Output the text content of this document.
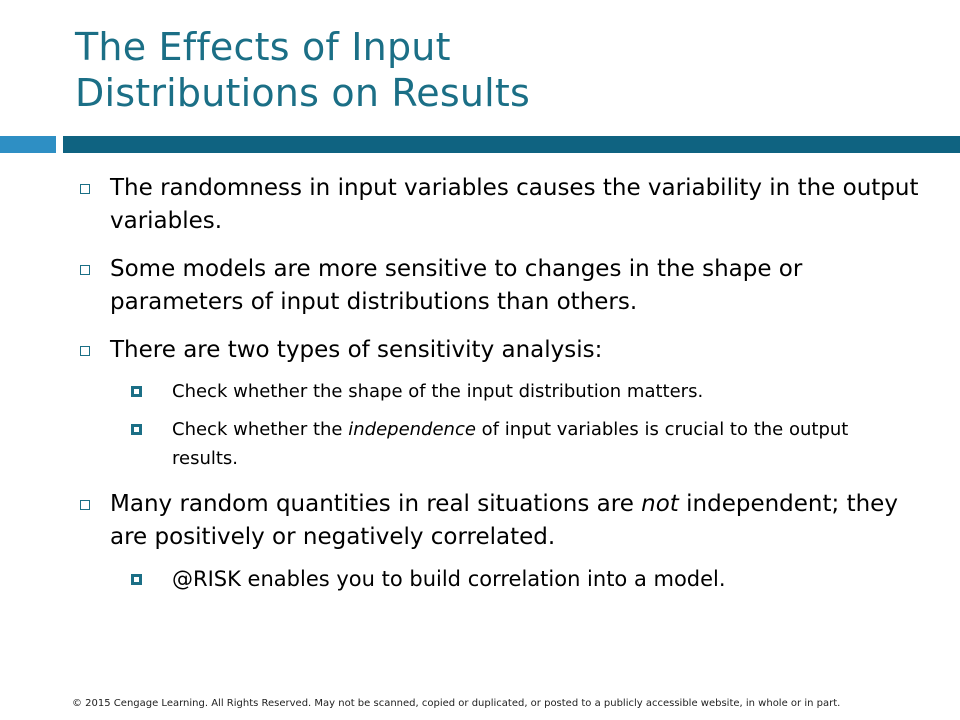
The Effects of Input
Distributions on Results
The randomness in input variables causes the variability in the output variables.
Some models are more sensitive to changes in the shape or parameters of input distributions than others.
There are two types of sensitivity analysis:
Check whether the shape of the input distribution matters.
Check whether the independence of input variables is crucial to the output results.
Many random quantities in real situations are not independent; they are positively or negatively correlated.
@RISK enables you to build correlation into a model.
© 2015 Cengage Learning. All Rights Reserved. May not be scanned, copied or duplicated, or posted to a publicly accessible website, in whole or in part.
